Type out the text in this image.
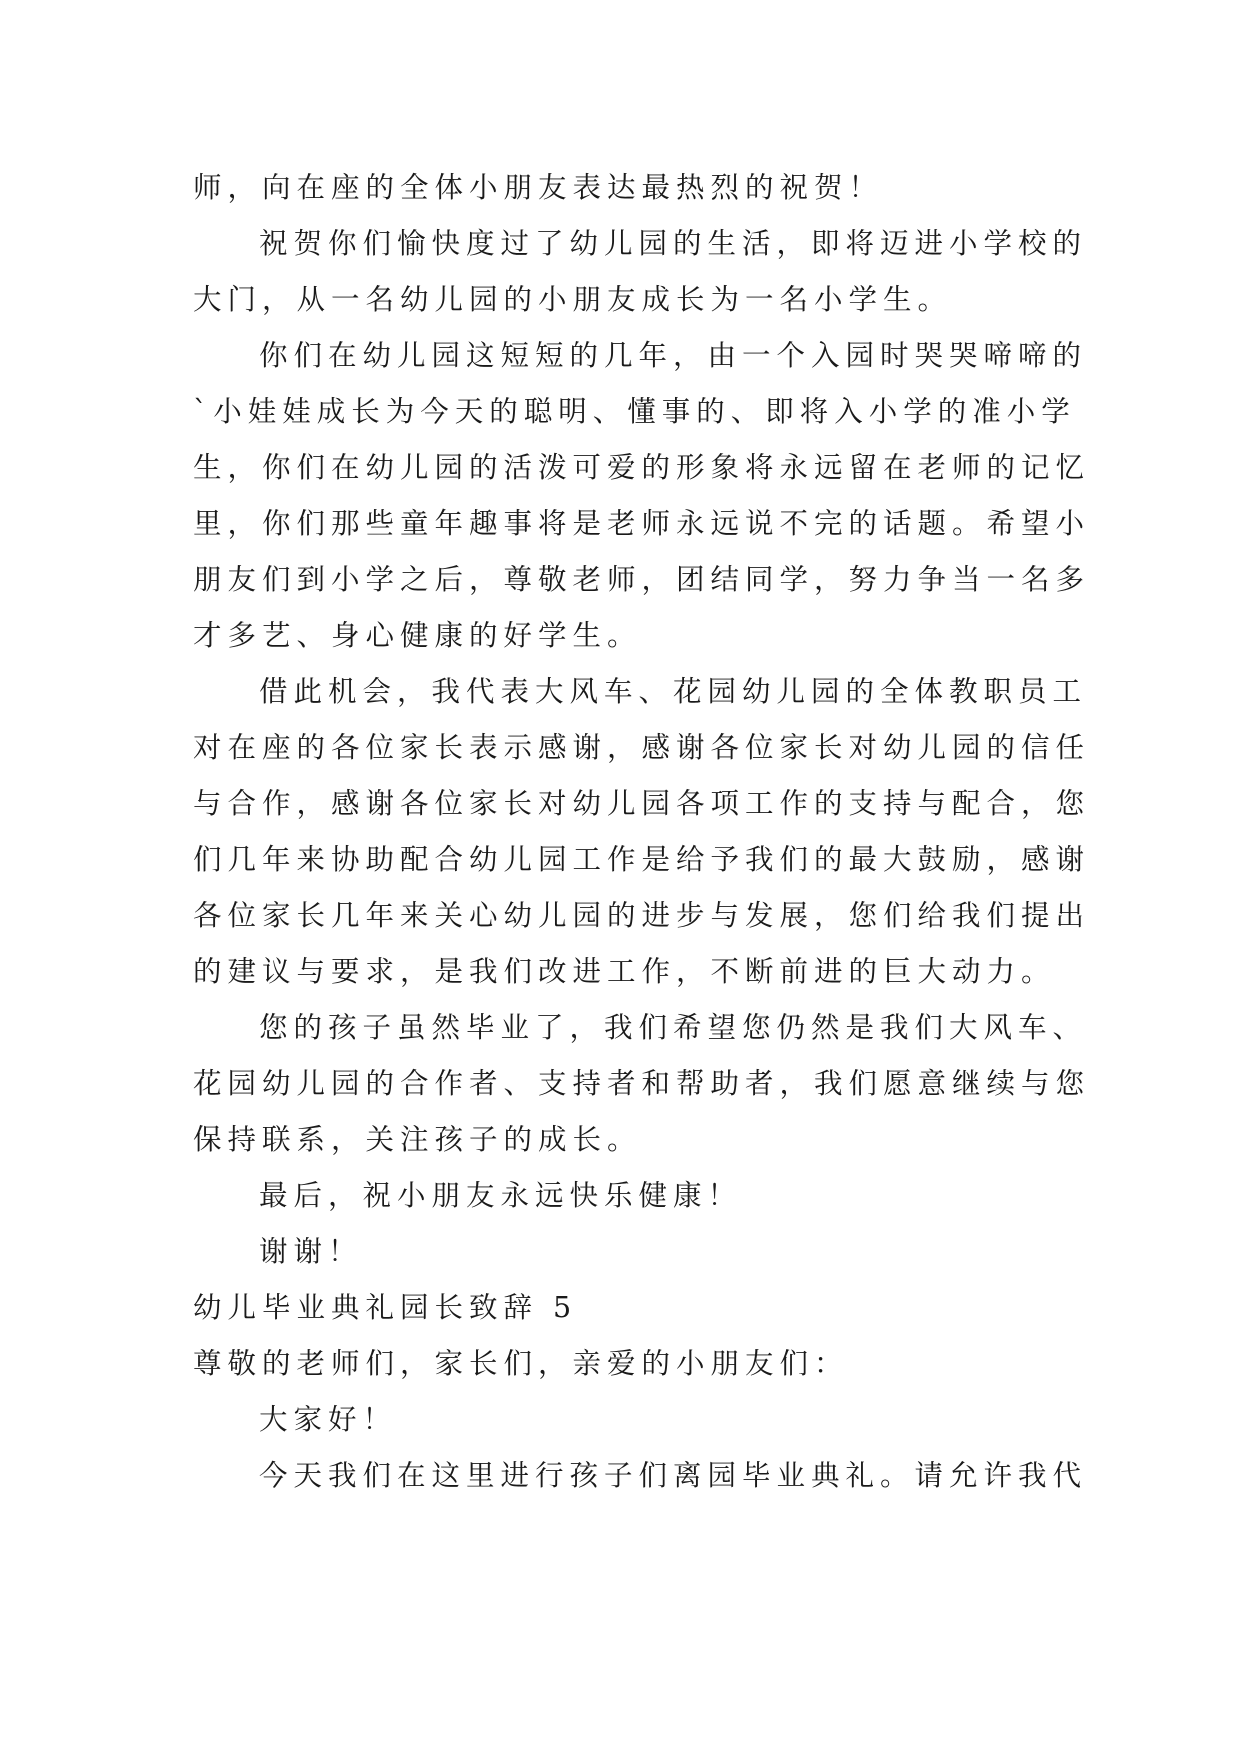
师，向在座的全体小朋友表达最热烈的祝贺！
祝贺你们愉快度过了幼儿园的生活，即将迈进小学校的
大门，从一名幼儿园的小朋友成长为一名小学生。
你们在幼儿园这短短的几年，由一个入园时哭哭啼啼的
`小娃娃成长为今天的聪明、懂事的、即将入小学的准小学
生，你们在幼儿园的活泼可爱的形象将永远留在老师的记忆
里，你们那些童年趣事将是老师永远说不完的话题。希望小
朋友们到小学之后，尊敬老师，团结同学，努力争当一名多
才多艺、身心健康的好学生。
借此机会，我代表大风车、花园幼儿园的全体教职员工
对在座的各位家长表示感谢，感谢各位家长对幼儿园的信任
与合作，感谢各位家长对幼儿园各项工作的支持与配合，您
们几年来协助配合幼儿园工作是给予我们的最大鼓励，感谢
各位家长几年来关心幼儿园的进步与发展，您们给我们提出
的建议与要求，是我们改进工作，不断前进的巨大动力。
您的孩子虽然毕业了，我们希望您仍然是我们大风车、
花园幼儿园的合作者、支持者和帮助者，我们愿意继续与您
保持联系，关注孩子的成长。
最后，祝小朋友永远快乐健康！
谢谢！
幼儿毕业典礼园长致辞 5
尊敬的老师们，家长们，亲爱的小朋友们：
大家好！
今天我们在这里进行孩子们离园毕业典礼。请允许我代
